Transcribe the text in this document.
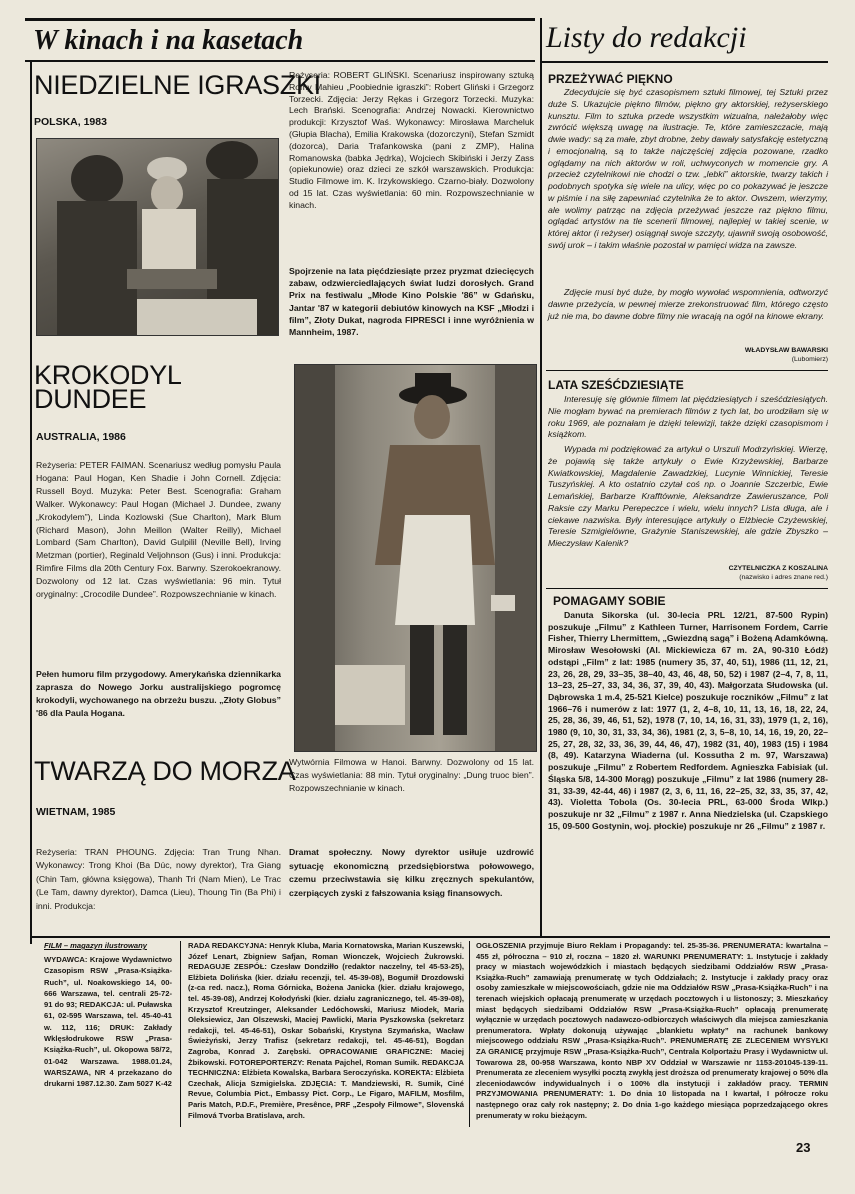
W kinach i na kasetach	Listy do redakcji
NIEDZIELNE IGRASZKI
POLSKA, 1983
Reżyseria: ROBERT GLIŃSKI. Scenariusz inspirowany sztuką Romy Mahieu „Poobiednie igraszki”: Robert Gliński i Grzegorz Torzecki. Zdjęcia: Jerzy Rękas i Grzegorz Torzecki. Muzyka: Lech Brański. Scenografia: Andrzej Nowacki. Kierownictwo produkcji: Krzysztof Waś. Wykonawcy: Mirosława Marcheluk (Głupia Blacha), Emilia Krakowska (dozorczyni), Stefan Szmidt (dozorca), Daria Trafankowska (pani z ZMP), Halina Romanowska (babka Jędrka), Wojciech Skibiński i Jerzy Zass (opiekunowie) oraz dzieci ze szkół warszawskich. Produkcja: Studio Filmowe im. K. Irzykowskiego. Czarno-biały. Dozwolony od 15 lat. Czas wyświetlania: 60 min. Rozpowszechnianie w kinach.
Spojrzenie na lata pięćdziesiąte przez pryzmat dziecięcych zabaw, odzwierciedlających świat ludzi dorosłych. Grand Prix na festiwalu „Młode Kino Polskie '86” w Gdańsku, Jantar '87 w kategorii debiutów kinowych na KSF „Młodzi i film”, Złoty Dukat, nagroda FIPRESCI i inne wyróżnienia w Mannheim, 1987.
KROKODYL
DUNDEE
AUSTRALIA, 1986
Reżyseria: PETER FAIMAN. Scenariusz według pomysłu Paula Hogana: Paul Hogan, Ken Shadie i John Cornell. Zdjęcia: Russell Boyd. Muzyka: Peter Best. Scenografia: Graham Walker. Wykonawcy: Paul Hogan (Michael J. Dundee, zwany „Krokodylem”), Linda Kozlowski (Sue Charlton), Mark Blum (Richard Mason), John Meillon (Walter Reilly), Michael Lombard (Sam Charlton), David Gulpilil (Neville Bell), Irving Metzman (portier), Reginald Veljohnson (Gus) i inni. Produkcja: Rimfire Films dla 20th Century Fox. Barwny. Szerokoekranowy. Dozwolony od 12 lat. Czas wyświetlania: 96 min. Tytuł oryginalny: „Crocodile Dundee”. Rozpowszechnianie w kinach.
Pełen humoru film przygodowy. Amerykańska dziennikarka zaprasza do Nowego Jorku australijskiego pogromcę krokodyli, wychowanego na obrzeżu buszu. „Złoty Globus” '86 dla Paula Hogana.
TWARZĄ DO MORZA
WIETNAM, 1985
Reżyseria: TRAN PHOUNG. Zdjęcia: Tran Trung Nhan. Wykonawcy: Trong Khoi (Ba Dúc, nowy dyrektor), Tra Giang (Chin Tam, główna księgowa), Thanh Tri (Nam Mien), Le Trac (Le Tam, dawny dyrektor), Damca (Lieu), Thoung Tin (Ba Phi) i inni. Produkcja:
Wytwórnia Filmowa w Hanoi. Barwny. Dozwolony od 15 lat. Czas wyświetlania: 88 min. Tytuł oryginalny: „Dung truoc bien”. Rozpowszechnianie w kinach.
Dramat społeczny. Nowy dyrektor usiłuje uzdrowić sytuację ekonomiczną przedsiębiorstwa połowowego, czemu przeciwstawia się kilku zręcznych spekulantów, czerpiących zyski z fałszowania ksiąg finansowych.
PRZEŻYWAĆ PIĘKNO
Zdecydujcie się być czasopismem sztuki filmowej, tej Sztuki przez duże S. Ukazujcie piękno filmów, piękno gry aktorskiej, reżyserskiego kunsztu. Film to sztuka przede wszystkim wizualna, należałoby więc zwrócić większą uwagę na ilustracje. Te, które zamieszczacie, mają dwie wady: są za małe, zbyt drobne, żeby dawały satysfakcję estetyczną i emocjonalną, są to także najczęściej zdjęcia pozowane, rzadko oglądamy na nich aktorów w roli, uchwyconych w momencie gry. A przecież czytelnikowi nie chodzi o tzw. „lebki” aktorskie, twarzy takich i podobnych spotyka się wiele na ulicy, więc po co pokazywać je jeszcze w piśmie i na siłę zapewniać czytelnika że to aktor. Owszem, wierzymy, ale wolimy patrząc na zdjęcia przeżywać jeszcze raz piękno filmu, oglądać artystów na tle scenerii filmowej, najlepiej w takiej scenie, w której aktor (i reżyser) osiągnął swoje szczyty, ujawnił swoją osobowość, swój urok – i takim właśnie pozostał w pamięci widza na zawsze.
Zdjęcie musi być duże, by mogło wywołać wspomnienia, odtworzyć dawne przeżycia, w pewnej mierze zrekonstruować film, którego często już nie ma, bo dawne dobre filmy nie wracają na ogół na kinowe ekrany.
WŁADYSŁAW BAWARSKI
(Lubomierz)
LATA SZEŚĆDZIESIĄTE
Interesuję się głównie filmem lat pięćdziesiątych i sześćdziesiątych. Nie mogłam bywać na premierach filmów z tych lat, bo urodziłam się w roku 1969, ale poznałam je dzięki telewizji, także dzięki czasopismom i książkom.
Wypada mi podziękować za artykuł o Urszuli Modrzyńskiej. Wierzę, że pojawią się także artykuły o Ewie Krzyżewskiej, Barbarze Kwiatkowskiej, Magdalenie Zawadzkiej, Lucynie Winnickiej, Teresie Tuszyńskiej. A kto ostatnio czytał coś np. o Joannie Szczerbic, Ewie Lemańskiej, Barbarze Krafftównie, Aleksandrze Zawieruszance, Poli Raksie czy Marku Perepeczce i wielu, wielu innych? Lista długa, ale i ciekawe nazwiska. Były interesujące artykuły o Elżbiecie Czyżewskiej, Teresie Szmigielówne, Grażynie Staniszewskiej, ale gdzie Zbyszko – Mieczysław Kalenik?
CZYTELNICZKA Z KOSZALINA
(nazwisko i adres znane red.)
POMAGAMY SOBIE
Danuta Sikorska (ul. 30-lecia PRL 12/21, 87-500 Rypin) poszukuje „Filmu” z Kathleen Turner, Harrisonem Fordem, Carrie Fisher, Thierry Lhermittem, „Gwiezdną sagą” i Bożeną Adamkówną. Mirosław Wesołowski (Al. Mickiewicza 67 m. 2A, 90-310 Łódź) odstąpi „Film” z lat: 1985 (numery 35, 37, 40, 51), 1986 (11, 12, 21, 23, 26, 28, 29, 33–35, 38–40, 43, 46, 48, 50, 52) i 1987 (2–4, 7, 8, 11, 13–23, 25–27, 33, 34, 36, 37, 39, 40, 43). Małgorzata Słudowska (ul. Dąbrowska 1 m.4, 25-521 Kielce) poszukuje roczników „Filmu” z lat 1966–76 i numerów z lat: 1977 (1, 2, 4–8, 10, 11, 13, 16, 18, 22, 24, 25, 28, 36, 39, 46, 51, 52), 1978 (7, 10, 14, 16, 31, 33), 1979 (1, 2, 16), 1980 (9, 10, 30, 31, 33, 34, 36), 1981 (2, 3, 5–8, 10, 14, 16, 19, 20, 22–25, 27, 28, 32, 33, 36, 39, 44, 46, 47), 1982 (31, 40), 1983 (15) i 1984 (8, 49). Katarzyna Wiaderna (ul. Kossutha 2 m. 97, Warszawa) poszukuje „Filmu” z Robertem Redfordem. Agnieszka Fabisiak (ul. Śląska 5/8, 14-300 Morąg) poszukuje „Filmu” z lat 1986 (numery 28-31, 33-39, 42-44, 46) i 1987 (2, 3, 6, 11, 16, 22–25, 32, 33, 35, 37, 42, 43). Violetta Tobola (Os. 30-lecia PRL, 63-000 Środa Wlkp.) poszukuje nr 32 „Filmu” z 1987 r. Anna Niedzielska (ul. Czapskiego 15, 09-500 Gostynin, woj. płockie) poszukuje nr 26 „Filmu” z 1987 r.
FILM – magazyn ilustrowany
WYDAWCA: Krajowe Wydawnictwo Czasopism RSW „Prasa-Książka-Ruch”, ul. Noakowskiego 14, 00-666 Warszawa, tel. centrali 25-72-91 do 93; REDAKCJA: ul. Puławska 61, 02-595 Warszawa, tel. 45-40-41 w. 112, 116; DRUK: Zakłady Wklęsłodrukowe RSW „Prasa-Książka-Ruch”, ul. Okopowa 58/72, 01-042 Warszawa. 1988.01.24, WARSZAWA, NR 4 przekazano do drukarni 1987.12.30. Zam 5027 K-42
RADA REDAKCYJNA: Henryk Kluba, Maria Kornatowska, Marian Kuszewski, Józef Lenart, Zbigniew Safjan, Roman Wionczek, Wojciech Żukrowski. REDAGUJE ZESPÓŁ: Czesław Dondziłło (redaktor naczelny, tel 45-53-25), Elżbieta Dolińska (kier. działu recenzji, tel. 45-39-08), Bogumił Drozdowski (z-ca red. nacz.), Roma Górnicka, Bożena Janicka (kier. działu krajowego, tel. 45-39-08), Andrzej Kołodyński (kier. działu zagranicznego, tel. 45-39-08), Krzysztof Kreutzinger, Aleksander Ledóchowski, Mariusz Miodek, Maria Oleksiewicz, Jan Olszewski, Maciej Pawlicki, Maria Pyszkowska (sekretarz redakcji, tel. 45-46-51), Oskar Sobański, Krystyna Szymańska, Wacław Świeżyński, Jerzy Trafisz (sekretarz redakcji, tel. 45-46-51), Bogdan Zagroba, Konrad J. Zarębski. OPRACOWANIE GRAFICZNE: Maciej Żbikowski. FOTOREPORTERZY: Renata Pajchel, Roman Sumik. REDAKCJA TECHNICZNA: Elżbieta Kowalska, Barbara Seroczyńska. KOREKTA: Elżbieta Czechak, Alicja Szmigielska. ZDJĘCIA: T. Mandziewski, R. Sumik, Ciné Revue, Columbia Pict., Embassy Pict. Corp., Le Figaro, MAFILM, Mosfilm, Paris Match, P.D.F., Première, Presênce, PRF „Zespoły Filmowe”, Slovenská Filmová Tvorba Bratislava, arch.
OGŁOSZENIA przyjmuje Biuro Reklam i Propagandy: tel. 25-35-36. PRENUMERATA: kwartalna – 455 zł, półroczna – 910 zł, roczna – 1820 zł. WARUNKI PRENUMERATY: 1. Instytucje i zakłady pracy w miastach wojewódzkich i miastach będących siedzibami Oddziałów RSW „Prasa-Książka-Ruch” zamawiają prenumeratę w tych Oddziałach; 2. Instytucje i zakłady pracy oraz osoby zamieszkałe w miejscowościach, gdzie nie ma Oddziałów RSW „Prasa-Książka-Ruch” i na terenach wiejskich opłacają prenumeratę w urzędach pocztowych i u listonoszy; 3. Mieszkańcy miast będących siedzibami Oddziałów RSW „Prasa-Książka-Ruch” opłacają prenumeratę wyłącznie w urzędach pocztowych nadawczo-odbiorczych właściwych dla miejsca zamieszkania prenumeratora. Wpłaty dokonują używając „blankietu wpłaty” na rachunek bankowy miejscowego oddziału RSW „Prasa-Książka-Ruch”. PRENUMERATĘ ZE ZLECENIEM WYSYŁKI ZA GRANICĘ przyjmuje RSW „Prasa-Książka-Ruch”, Centrala Kolportażu Prasy i Wydawnictw ul. Towarowa 28, 00-958 Warszawa, konto NBP XV Oddział w Warszawie nr 1153-201045-139-11. Prenumerata ze zleceniem wysyłki pocztą zwykłą jest droższa od prenumeraty krajowej o 50% dla zleceniodawców indywidualnych i o 100% dla instytucji i zakładów pracy. TERMIN PRZYJMOWANIA PRENUMERATY: 1. Do dnia 10 listopada na I kwartał, I półrocze roku następnego oraz cały rok następny; 2. Do dnia 1-go każdego miesiąca poprzedzającego okres prenumeraty w roku bieżącym.
23
